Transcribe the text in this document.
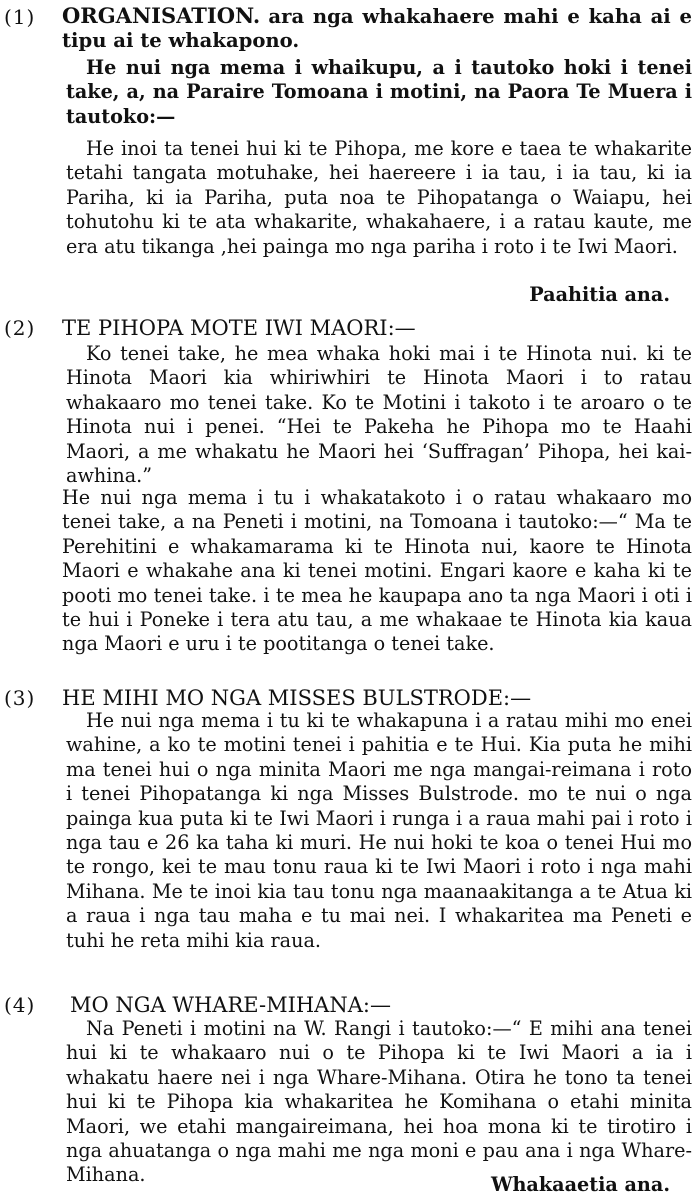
(1) ORGANISATION. ara nga whakahaere mahi e kaha ai e tipu ai te whakapono.

He nui nga mema i whaikupu, a i tautoko hoki i tenei take, a, na Paraire Tomoana i motini, na Paora Te Muera i tautoko:—

He inoi ta tenei hui ki te Pihopa, me kore e taea te whakarite tetahi tangata motuhake, hei haereere i ia tau, i ia tau, ki ia Pariha, ki ia Pariha, puta noa te Pihopatanga o Waiapu, hei tohutohu ki te ata whakarite, whakahaere, i a ratau kaute, me era atu tikanga ,hei painga mo nga pariha i roto i te Iwi Maori.

Paahitia ana.
(2) TE PIHOPA MOTE IWI MAORI:—

Ko tenei take, he mea whaka hoki mai i te Hinota nui. ki te Hinota Maori kia whiriwhiri te Hinota Maori i to ratau whakaaro mo tenei take. Ko te Motini i takoto i te aroaro o te Hinota nui i penei. “Hei te Pakeha he Pihopa mo te Haahi Maori, a me whakatu he Maori hei ‘Suffragan’ Pihopa, hei kai-awhina.”

He nui nga mema i tu i whakatakoto i o ratau whakaaro mo tenei take, a na Peneti i motini, na Tomoana i tautoko:—“ Ma te Perehitini e whakamarama ki te Hinota nui, kaore te Hinota Maori e whakahe ana ki tenei motini. Engari kaore e kaha ki te pooti mo tenei take. i te mea he kaupapa ano ta nga Maori i oti i te hui i Poneke i tera atu tau, a me whakaae te Hinota kia kaua nga Maori e uru i te pootitanga o tenei take.

(3) HE MIHI MO NGA MISSES BULSTRODE:—

He nui nga mema i tu ki te whakapuna i a ratau mihi mo enei wahine, a ko te motini tenei i pahitia e te Hui. Kia puta he mihi ma tenei hui o nga minita Maori me nga mangai-reimana i roto i tenei Pihopatanga ki nga Misses Bulstrode. mo te nui o nga painga kua puta ki te Iwi Maori i runga i a raua mahi pai i roto i nga tau e 26 ka taha ki muri. He nui hoki te koa o tenei Hui mo te rongo, kei te mau tonu raua ki te Iwi Maori i roto i nga mahi Mihana. Me te inoi kia tau tonu nga maanaakitanga a te Atua ki a raua i nga tau maha e tu mai nei. I whakaritea ma Peneti e tuhi he reta mihi kia raua.

(4) MO NGA WHARE-MIHANA:—

Na Peneti i motini na W. Rangi i tautoko:—“ E mihi ana tenei hui ki te whakaaro nui o te Pihopa ki te Iwi Maori a ia i whakatu haere nei i nga Whare-Mihana. Otira he tono ta tenei hui ki te Pihopa kia whakaritea he Komihana o etahi minita Maori, we etahi mangaireimana, hei hoa mona ki te tirotiro i nga ahuatanga o nga mahi me nga moni e pau ana i nga Whare-Mihana.	Whakaaetia ana.
